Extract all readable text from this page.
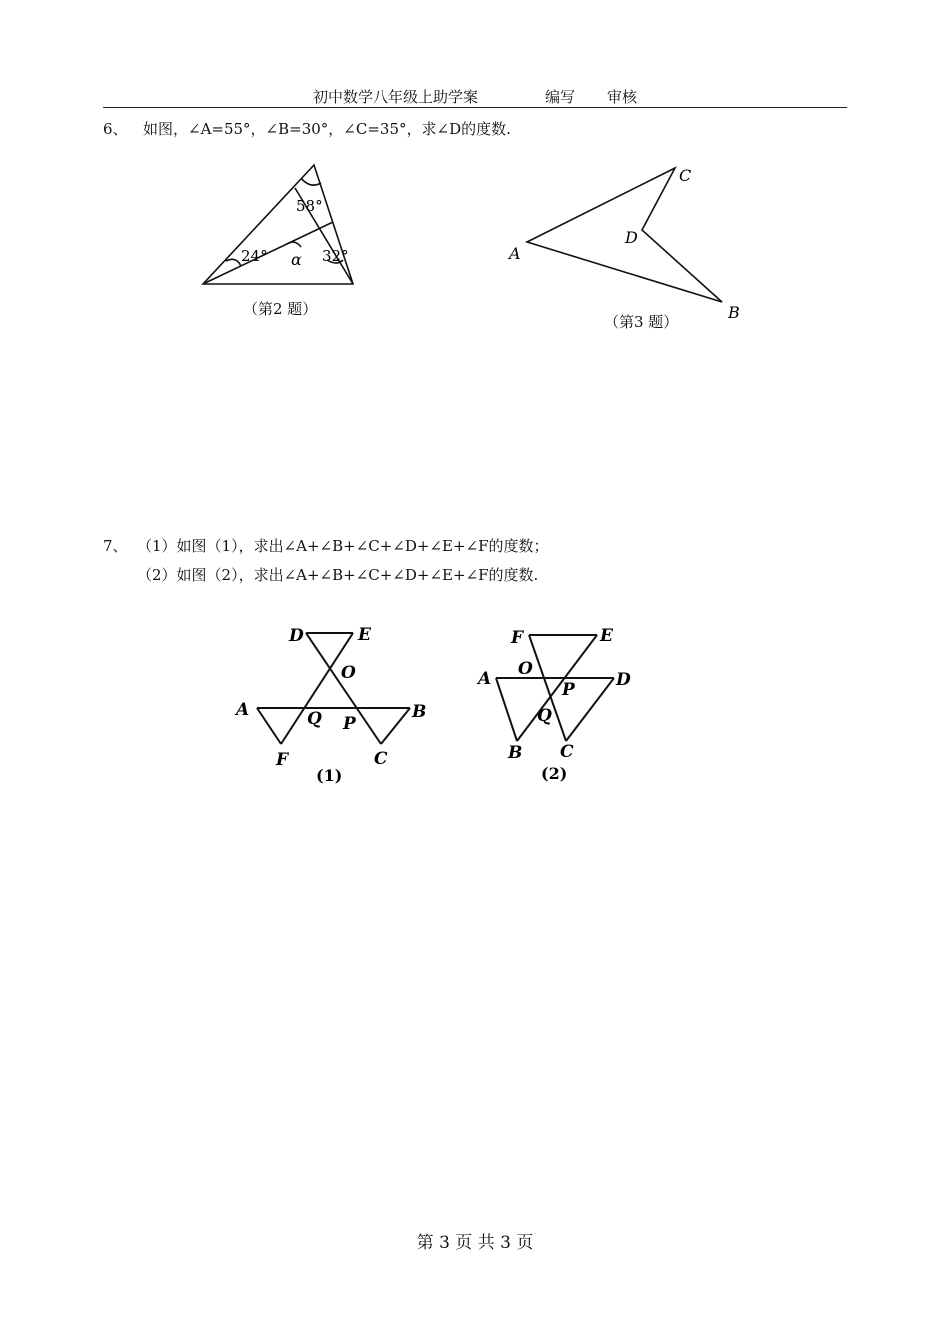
初中数学八年级上助学案	编写 审核
6、 如图，∠A=55°，∠B=30°，∠C=35°，求∠D的度数.
58°
24° α 32°
（第2 题）
A
B
C
D
（第3 题）
7、 （1）如图（1），求出∠A+∠B+∠C+∠D+∠E+∠F的度数；
（2）如图（2），求出∠A+∠B+∠C+∠D+∠E+∠F的度数.
D	E
O
A	B
Q P
F	C
(1)
F	E
O
A	D
P
Q
B C
(2)
第 3 页 共 3 页
